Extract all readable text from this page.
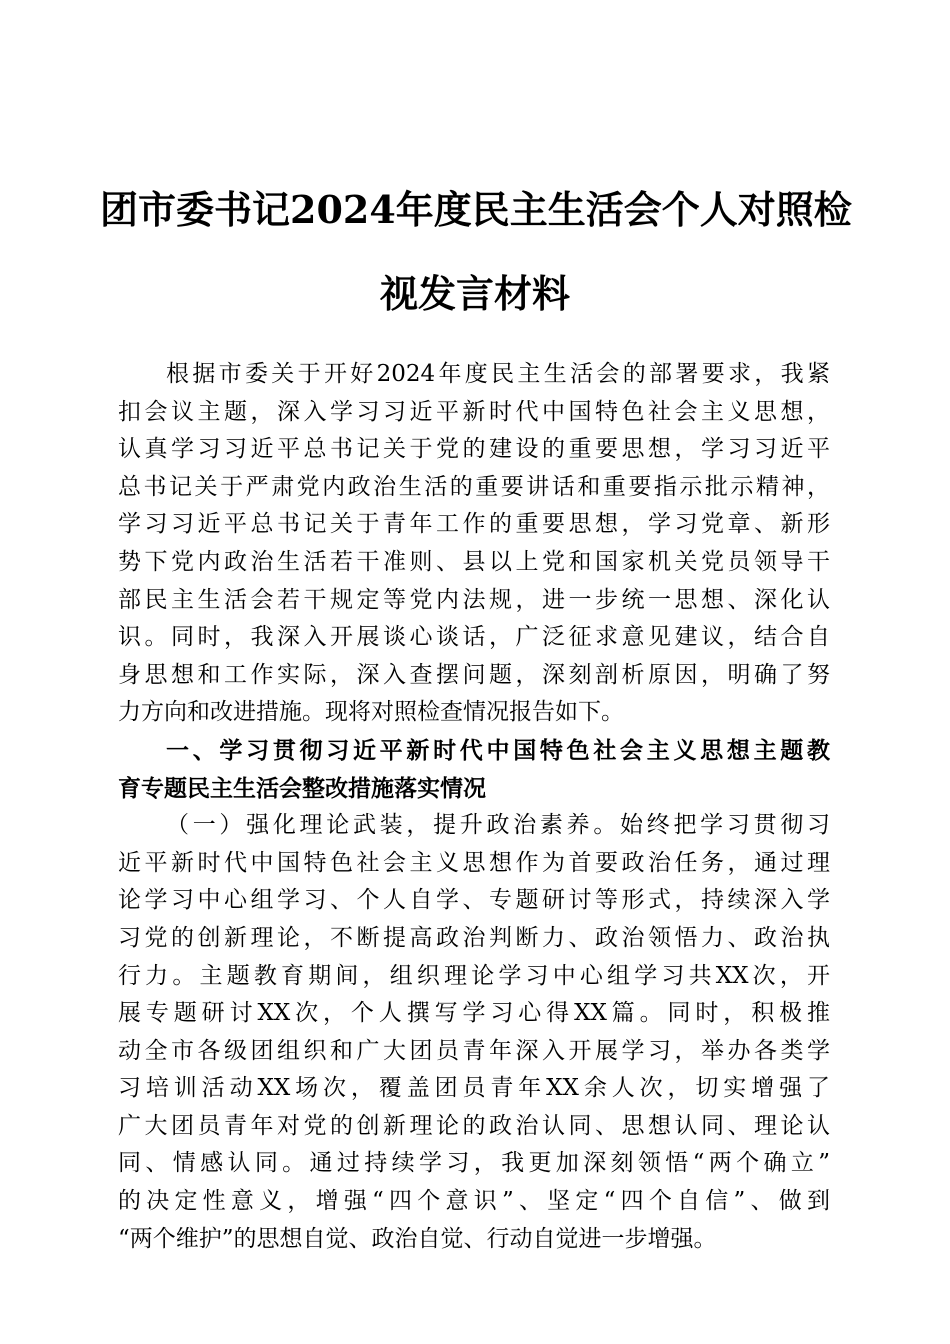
团市委书记2024年度民主生活会个人对照检
视发言材料
根据市委关于开好2024年度民主生活会的部署要求，我紧
扣会议主题，深入学习习近平新时代中国特色社会主义思想，
认真学习习近平总书记关于党的建设的重要思想，学习习近平
总书记关于严肃党内政治生活的重要讲话和重要指示批示精神，
学习习近平总书记关于青年工作的重要思想，学习党章、新形
势下党内政治生活若干准则、县以上党和国家机关党员领导干
部民主生活会若干规定等党内法规，进一步统一思想、深化认
识。同时，我深入开展谈心谈话，广泛征求意见建议，结合自
身思想和工作实际，深入查摆问题，深刻剖析原因，明确了努
力方向和改进措施。现将对照检查情况报告如下。
一、学习贯彻习近平新时代中国特色社会主义思想主题教
育专题民主生活会整改措施落实情况
（一）强化理论武装，提升政治素养。始终把学习贯彻习
近平新时代中国特色社会主义思想作为首要政治任务，通过理
论学习中心组学习、个人自学、专题研讨等形式，持续深入学
习党的创新理论，不断提高政治判断力、政治领悟力、政治执
行力。主题教育期间，组织理论学习中心组学习共XX次，开
展专题研讨XX次，个人撰写学习心得XX篇。同时，积极推
动全市各级团组织和广大团员青年深入开展学习，举办各类学
习培训活动XX场次，覆盖团员青年XX余人次，切实增强了
广大团员青年对党的创新理论的政治认同、思想认同、理论认
同、情感认同。通过持续学习，我更加深刻领悟“两个确立”
的决定性意义，增强“四个意识”、坚定“四个自信”、做到
“两个维护”的思想自觉、政治自觉、行动自觉进一步增强。
